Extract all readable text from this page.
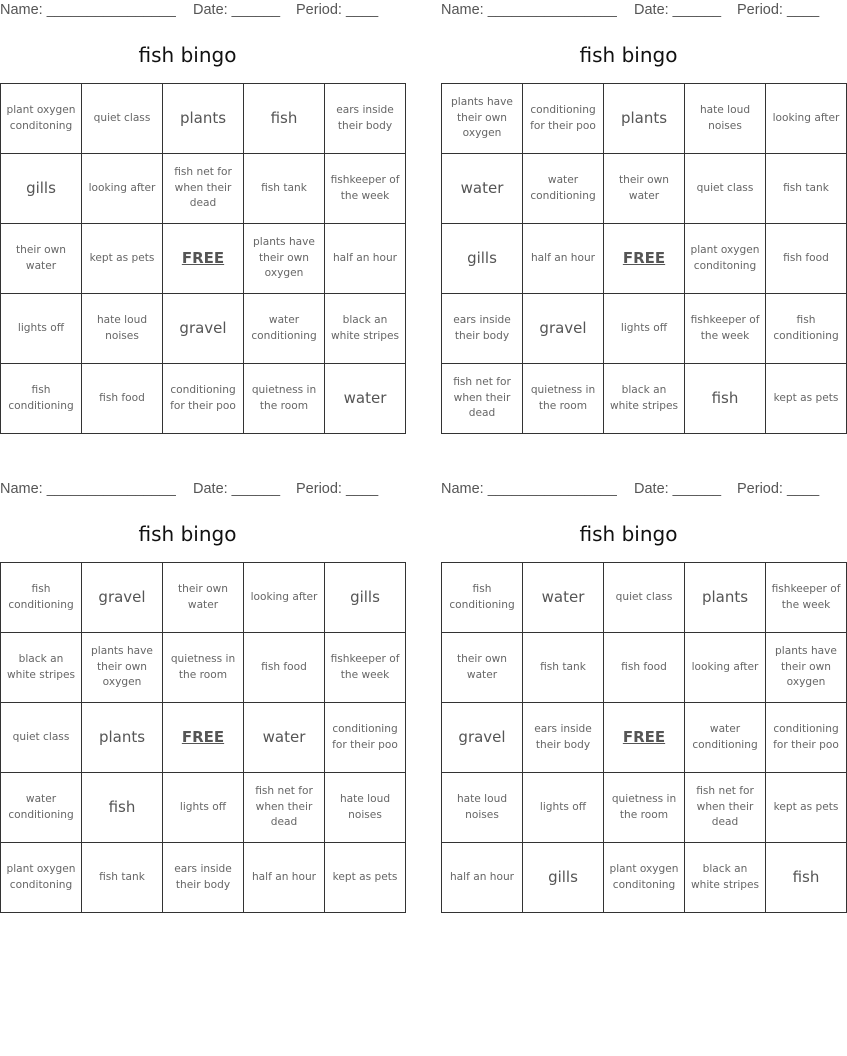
Name: ________________ Date: ______ Period: ____
fish bingo
plant oxygen conditoning	quiet class	plants	fish	ears inside their body
gills	looking after	fish net for when their dead	fish tank	fishkeeper of the week
their own water	kept as pets	FREE	plants have their own oxygen	half an hour
lights off	hate loud noises	gravel	water conditioning	black an white stripes
fish conditioning	fish food	conditioning for their poo	quietness in the room	water
Name: ________________ Date: ______ Period: ____
fish bingo
plants have their own oxygen	conditioning for their poo	plants	hate loud noises	looking after
water	water conditioning	their own water	quiet class	fish tank
gills	half an hour	FREE	plant oxygen conditoning	fish food
ears inside their body	gravel	lights off	fishkeeper of the week	fish conditioning
fish net for when their dead	quietness in the room	black an white stripes	fish	kept as pets
Name: ________________ Date: ______ Period: ____
fish bingo
fish conditioning	gravel	their own water	looking after	gills
black an white stripes	plants have their own oxygen	quietness in the room	fish food	fishkeeper of the week
quiet class	plants	FREE	water	conditioning for their poo
water conditioning	fish	lights off	fish net for when their dead	hate loud noises
plant oxygen conditoning	fish tank	ears inside their body	half an hour	kept as pets
Name: ________________ Date: ______ Period: ____
fish bingo
fish conditioning	water	quiet class	plants	fishkeeper of the week
their own water	fish tank	fish food	looking after	plants have their own oxygen
gravel	ears inside their body	FREE	water conditioning	conditioning for their poo
hate loud noises	lights off	quietness in the room	fish net for when their dead	kept as pets
half an hour	gills	plant oxygen conditoning	black an white stripes	fish
